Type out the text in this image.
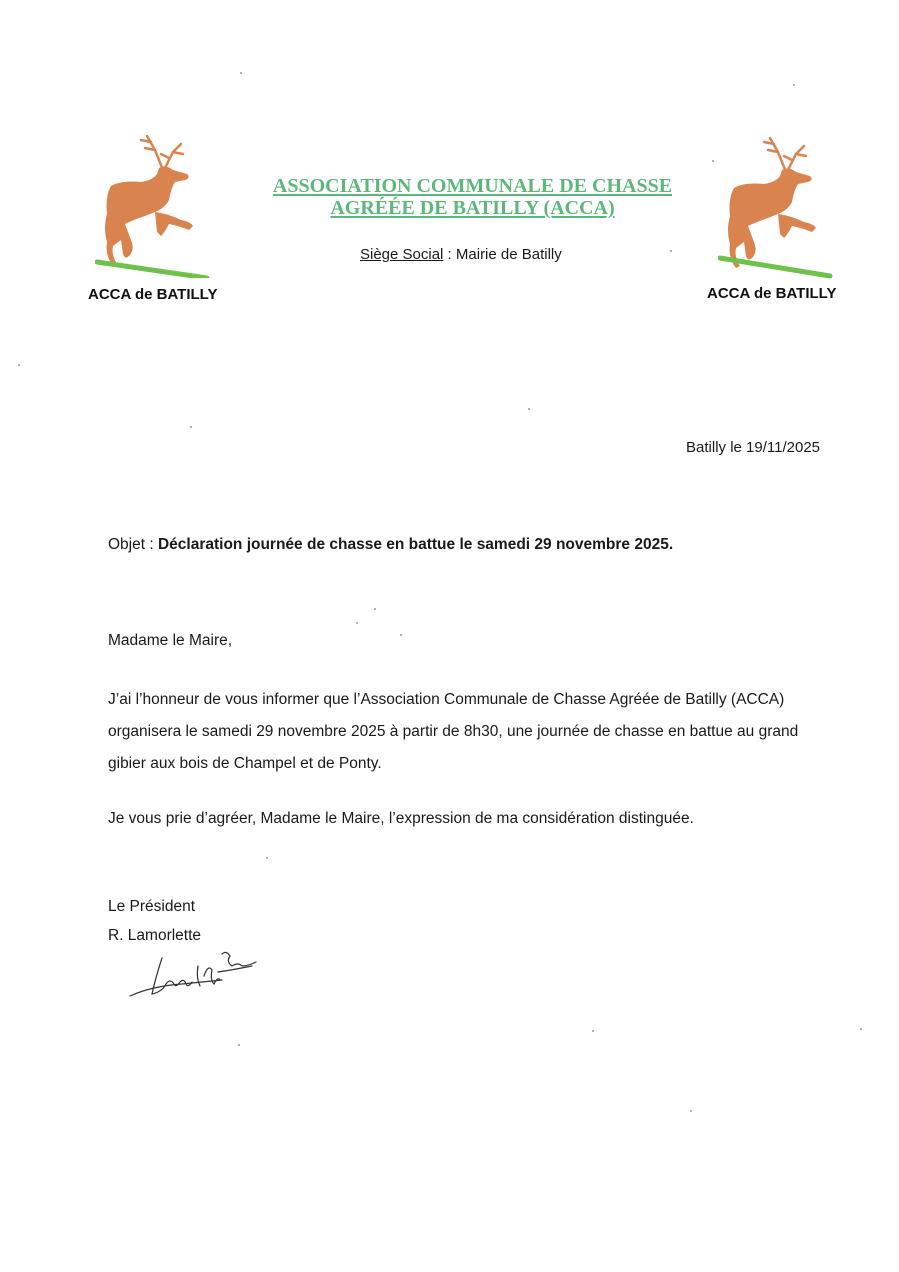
ACCA de BATILLY	ACCA de BATILLY
ASSOCIATION COMMUNALE DE CHASSE
AGRÉÉE DE BATILLY (ACCA)
Siège Social : Mairie de Batilly
Batilly le 19/11/2025
Objet : Déclaration journée de chasse en battue le samedi 29 novembre 2025.
Madame le Maire,
J’ai l’honneur de vous informer que l’Association Communale de Chasse Agréée de Batilly (ACCA) organisera le samedi 29 novembre 2025 à partir de 8h30, une journée de chasse en battue au grand gibier aux bois de Champel et de Ponty.
Je vous prie d’agréer, Madame le Maire, l’expression de ma considération distinguée.
Le Président
R. Lamorlette
